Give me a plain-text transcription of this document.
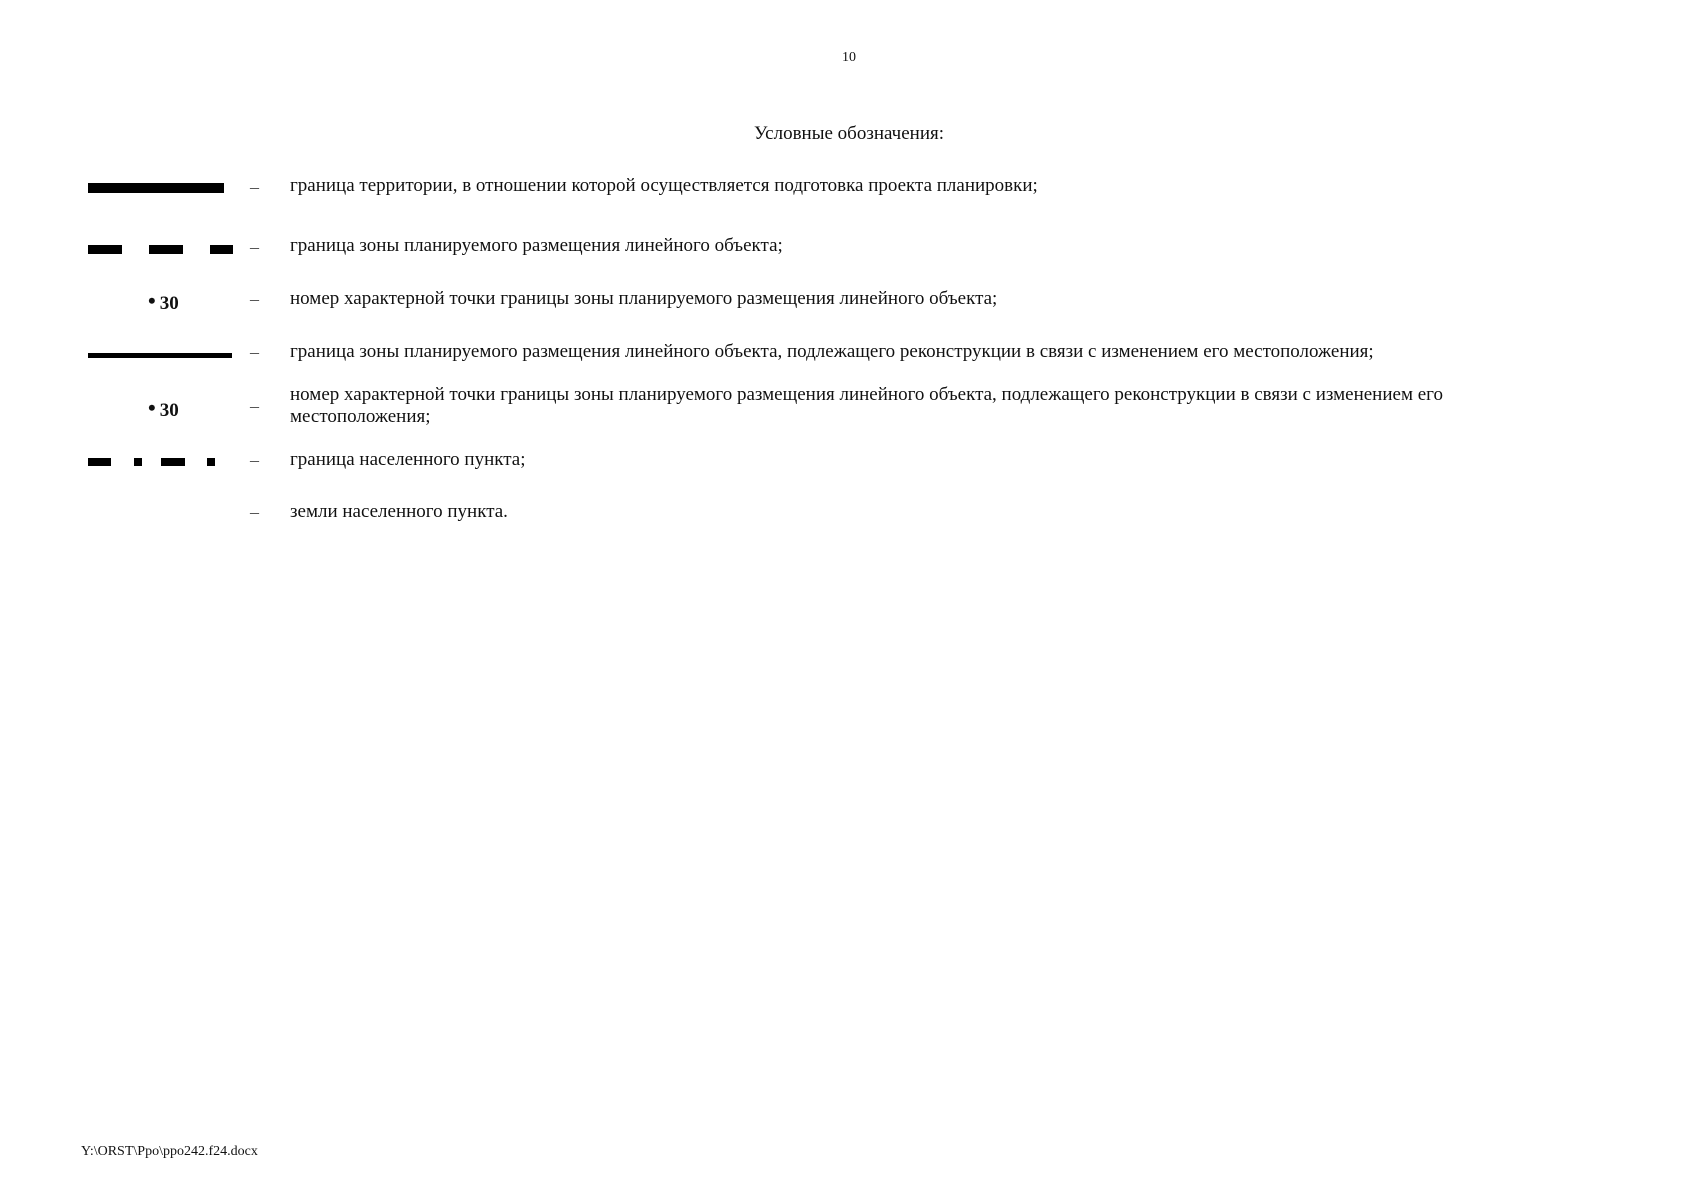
10
Условные обозначения:
– граница территории, в отношении которой осуществляется подготовка проекта планировки;
– граница зоны планируемого размещения линейного объекта;
• 30	– номер характерной точки границы зоны планируемого размещения линейного объекта;
– граница зоны планируемого размещения линейного объекта, подлежащего реконструкции в связи с изменением его местоположения;
• 30	–
номер характерной точки границы зоны планируемого размещения линейного объекта, подлежащего реконструкции в связи с изменением его местоположения;
– граница населенного пункта;
– земли населенного пункта.
Y:\ORST\Ppo\ppo242.f24.docx
